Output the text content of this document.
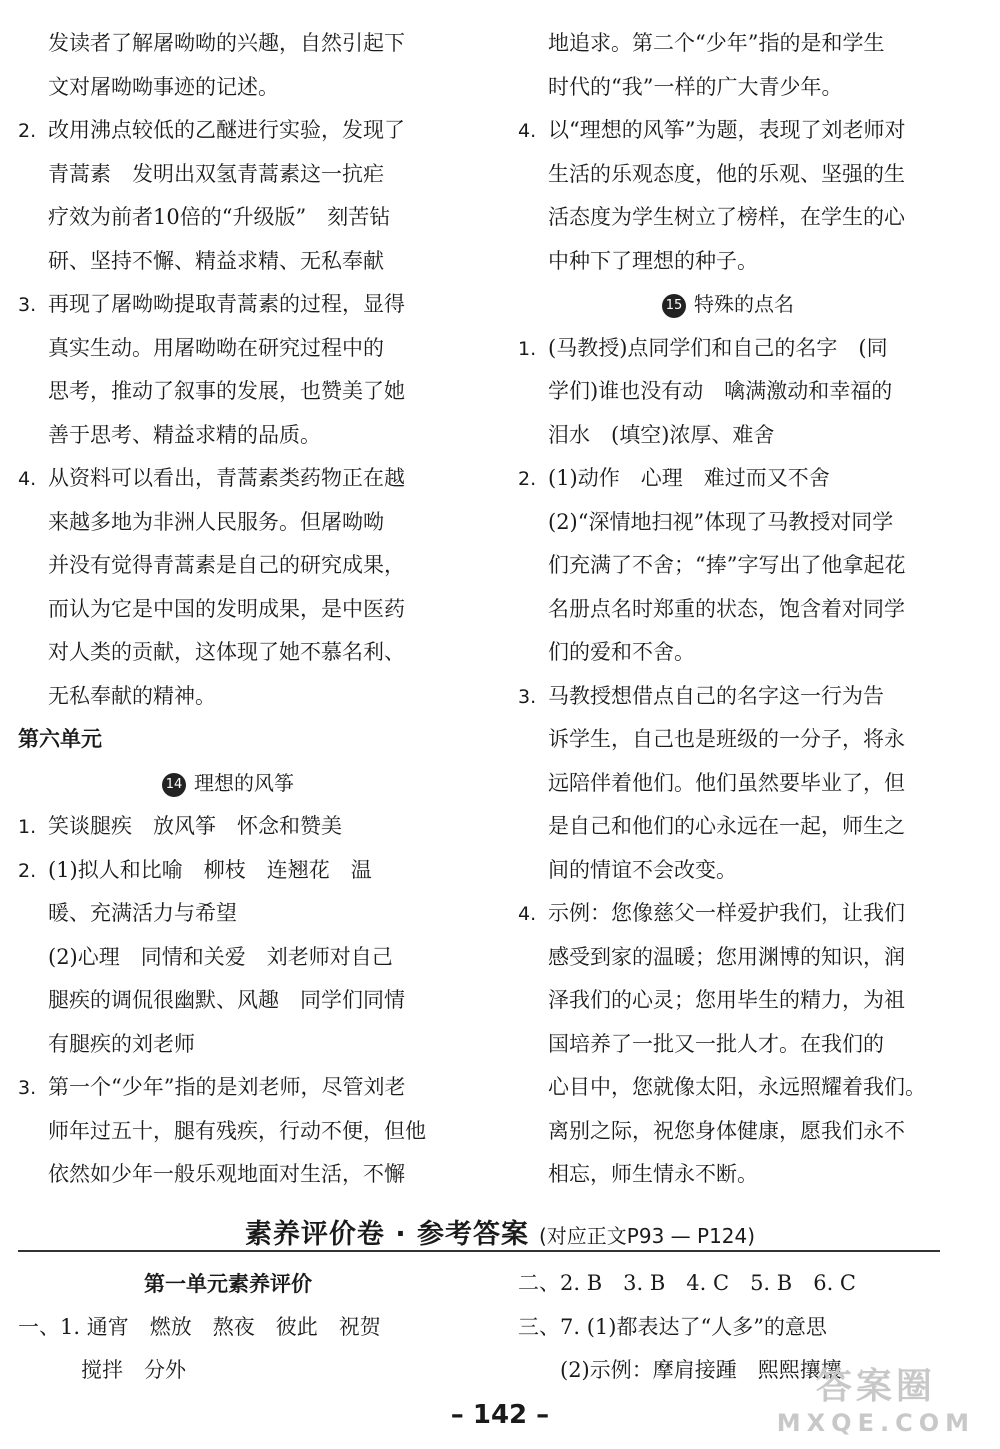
发读者了解屠呦呦的兴趣，自然引起下
文对屠呦呦事迹的记述。
2. 改用沸点较低的乙醚进行实验，发现了
青蒿素　发明出双氢青蒿素这一抗疟
疗效为前者10倍的“升级版”　刻苦钻
研、坚持不懈、精益求精、无私奉献
3. 再现了屠呦呦提取青蒿素的过程，显得
真实生动。用屠呦呦在研究过程中的
思考，推动了叙事的发展，也赞美了她
善于思考、精益求精的品质。
4. 从资料可以看出，青蒿素类药物正在越
来越多地为非洲人民服务。但屠呦呦
并没有觉得青蒿素是自己的研究成果，
而认为它是中国的发明成果，是中医药
对人类的贡献，这体现了她不慕名利、
无私奉献的精神。
第六单元
14 理想的风筝
1. 笑谈腿疾　放风筝　怀念和赞美
2. (1)拟人和比喻　柳枝　连翘花　温
暖、充满活力与希望
(2)心理　同情和关爱　刘老师对自己
腿疾的调侃很幽默、风趣　同学们同情
有腿疾的刘老师
3. 第一个“少年”指的是刘老师，尽管刘老
师年过五十，腿有残疾，行动不便，但他
依然如少年一般乐观地面对生活，不懈
地追求。第二个“少年”指的是和学生
时代的“我”一样的广大青少年。
4. 以“理想的风筝”为题，表现了刘老师对
生活的乐观态度，他的乐观、坚强的生
活态度为学生树立了榜样，在学生的心
中种下了理想的种子。
15 特殊的点名
1. (马教授)点同学们和自己的名字　(同
学们)谁也没有动　噙满激动和幸福的
泪水　(填空)浓厚、难舍
2. (1)动作　心理　难过而又不舍
(2)“深情地扫视”体现了马教授对同学
们充满了不舍；“捧”字写出了他拿起花
名册点名时郑重的状态，饱含着对同学
们的爱和不舍。
3. 马教授想借点自己的名字这一行为告
诉学生，自己也是班级的一分子，将永
远陪伴着他们。他们虽然要毕业了，但
是自己和他们的心永远在一起，师生之
间的情谊不会改变。
4. 示例：您像慈父一样爱护我们，让我们
感受到家的温暖；您用渊博的知识，润
泽我们的心灵；您用毕生的精力，为祖
国培养了一批又一批人才。在我们的
心目中，您就像太阳，永远照耀着我们。
离别之际，祝您身体健康，愿我们永不
相忘，师生情永不断。
素养评价卷 · 参考答案 (对应正文P93 — P124)
第一单元素养评价
一、1. 通宵　燃放　熬夜　彼此　祝贺
　　　搅拌　分外
二、2. B　3. B　4. C　5. B　6. C
三、7. (1)都表达了“人多”的意思
　　(2)示例：摩肩接踵　熙熙攘攘
– 142 –
答案圈
MXQE.COM
